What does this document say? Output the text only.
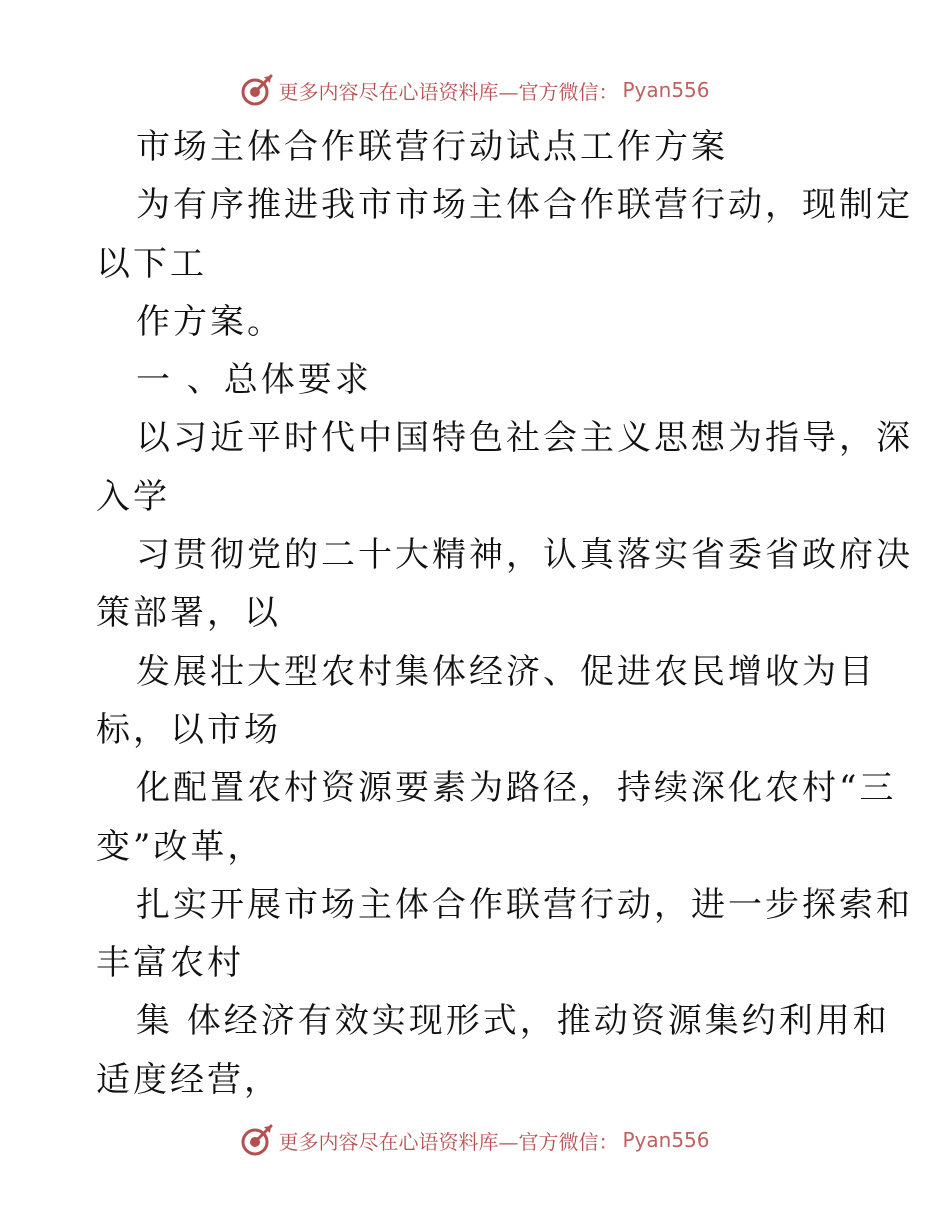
更多内容尽在心语资料库—官方微信： Pyan556
市场主体合作联营行动试点工作方案
为有序推进我市市场主体合作联营行动，现制定
以下工
作方案。
一 、总体要求
以习近平时代中国特色社会主义思想为指导，深
入学
习贯彻党的二十大精神，认真落实省委省政府决
策部署，以
发展壮大型农村集体经济、促进农民增收为目
标，以市场
化配置农村资源要素为路径，持续深化农村“三
变”改革，
扎实开展市场主体合作联营行动，进一步探索和
丰富农村
集 体经济有效实现形式，推动资源集约利用和
适度经营，
更多内容尽在心语资料库—官方微信： Pyan556
